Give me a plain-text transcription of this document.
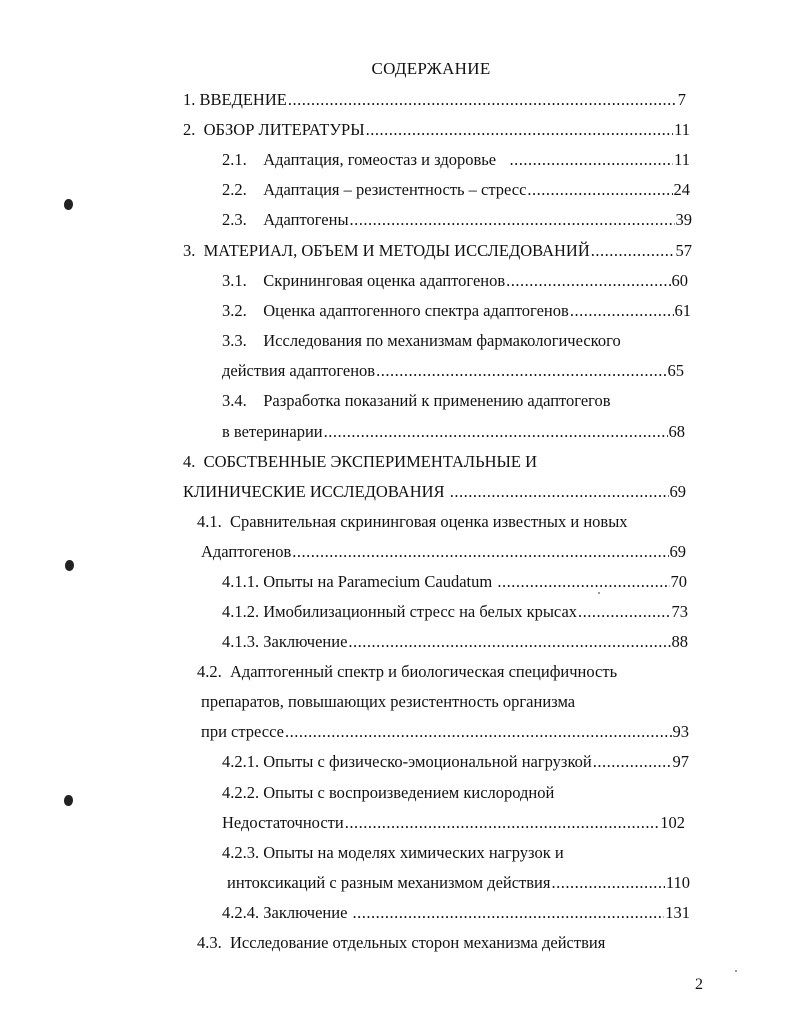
СОДЕРЖАНИЕ
1. ВВЕДЕНИЕ .....	7
2. ОБЗОР ЛИТЕРАТУРЫ .....	11
2.1. Адаптация, гомеостаз и здоровье .....	11
2.2. Адаптация – резистентность – стресс .....	24
2.3. Адаптогены .....	39
3. МАТЕРИАЛ, ОБЪЕМ И МЕТОДЫ ИССЛЕДОВАНИЙ .....	57
3.1. Скрининговая оценка адаптогенов .....	60
3.2. Оценка адаптогенного спектра адаптогенов .....	61
3.3. Исследования по механизмам фармакологического
действия адаптогенов .....	65
3.4. Разработка показаний к применению адаптогегов
в ветеринарии .....	68
4. СОБСТВЕННЫЕ ЭКСПЕРИМЕНТАЛЬНЫЕ И
КЛИНИЧЕСКИЕ ИССЛЕДОВАНИЯ .....	69
4.1. Сравнительная скрининговая оценка известных и новых
Адаптогенов .....	69
4.1.1. Опыты на Paramecium Caudatum .....	70
4.1.2. Имобилизационный стресс на белых крысах .....	73
4.1.3. Заключение .....	88
4.2. Адаптогенный спектр и биологическая специфичность
препаратов, повышающих резистентность организма
при стрессе .....	93
4.2.1. Опыты с физическо-эмоциональной нагрузкой .....	97
4.2.2. Опыты с воспроизведением кислородной
Недостаточности .....	102
4.2.3. Опыты на моделях химических нагрузок и
интоксикаций с разным механизмом действия .....	110
4.2.4. Заключение .....	131
4.3. Исследование отдельных сторон механизма действия
2
